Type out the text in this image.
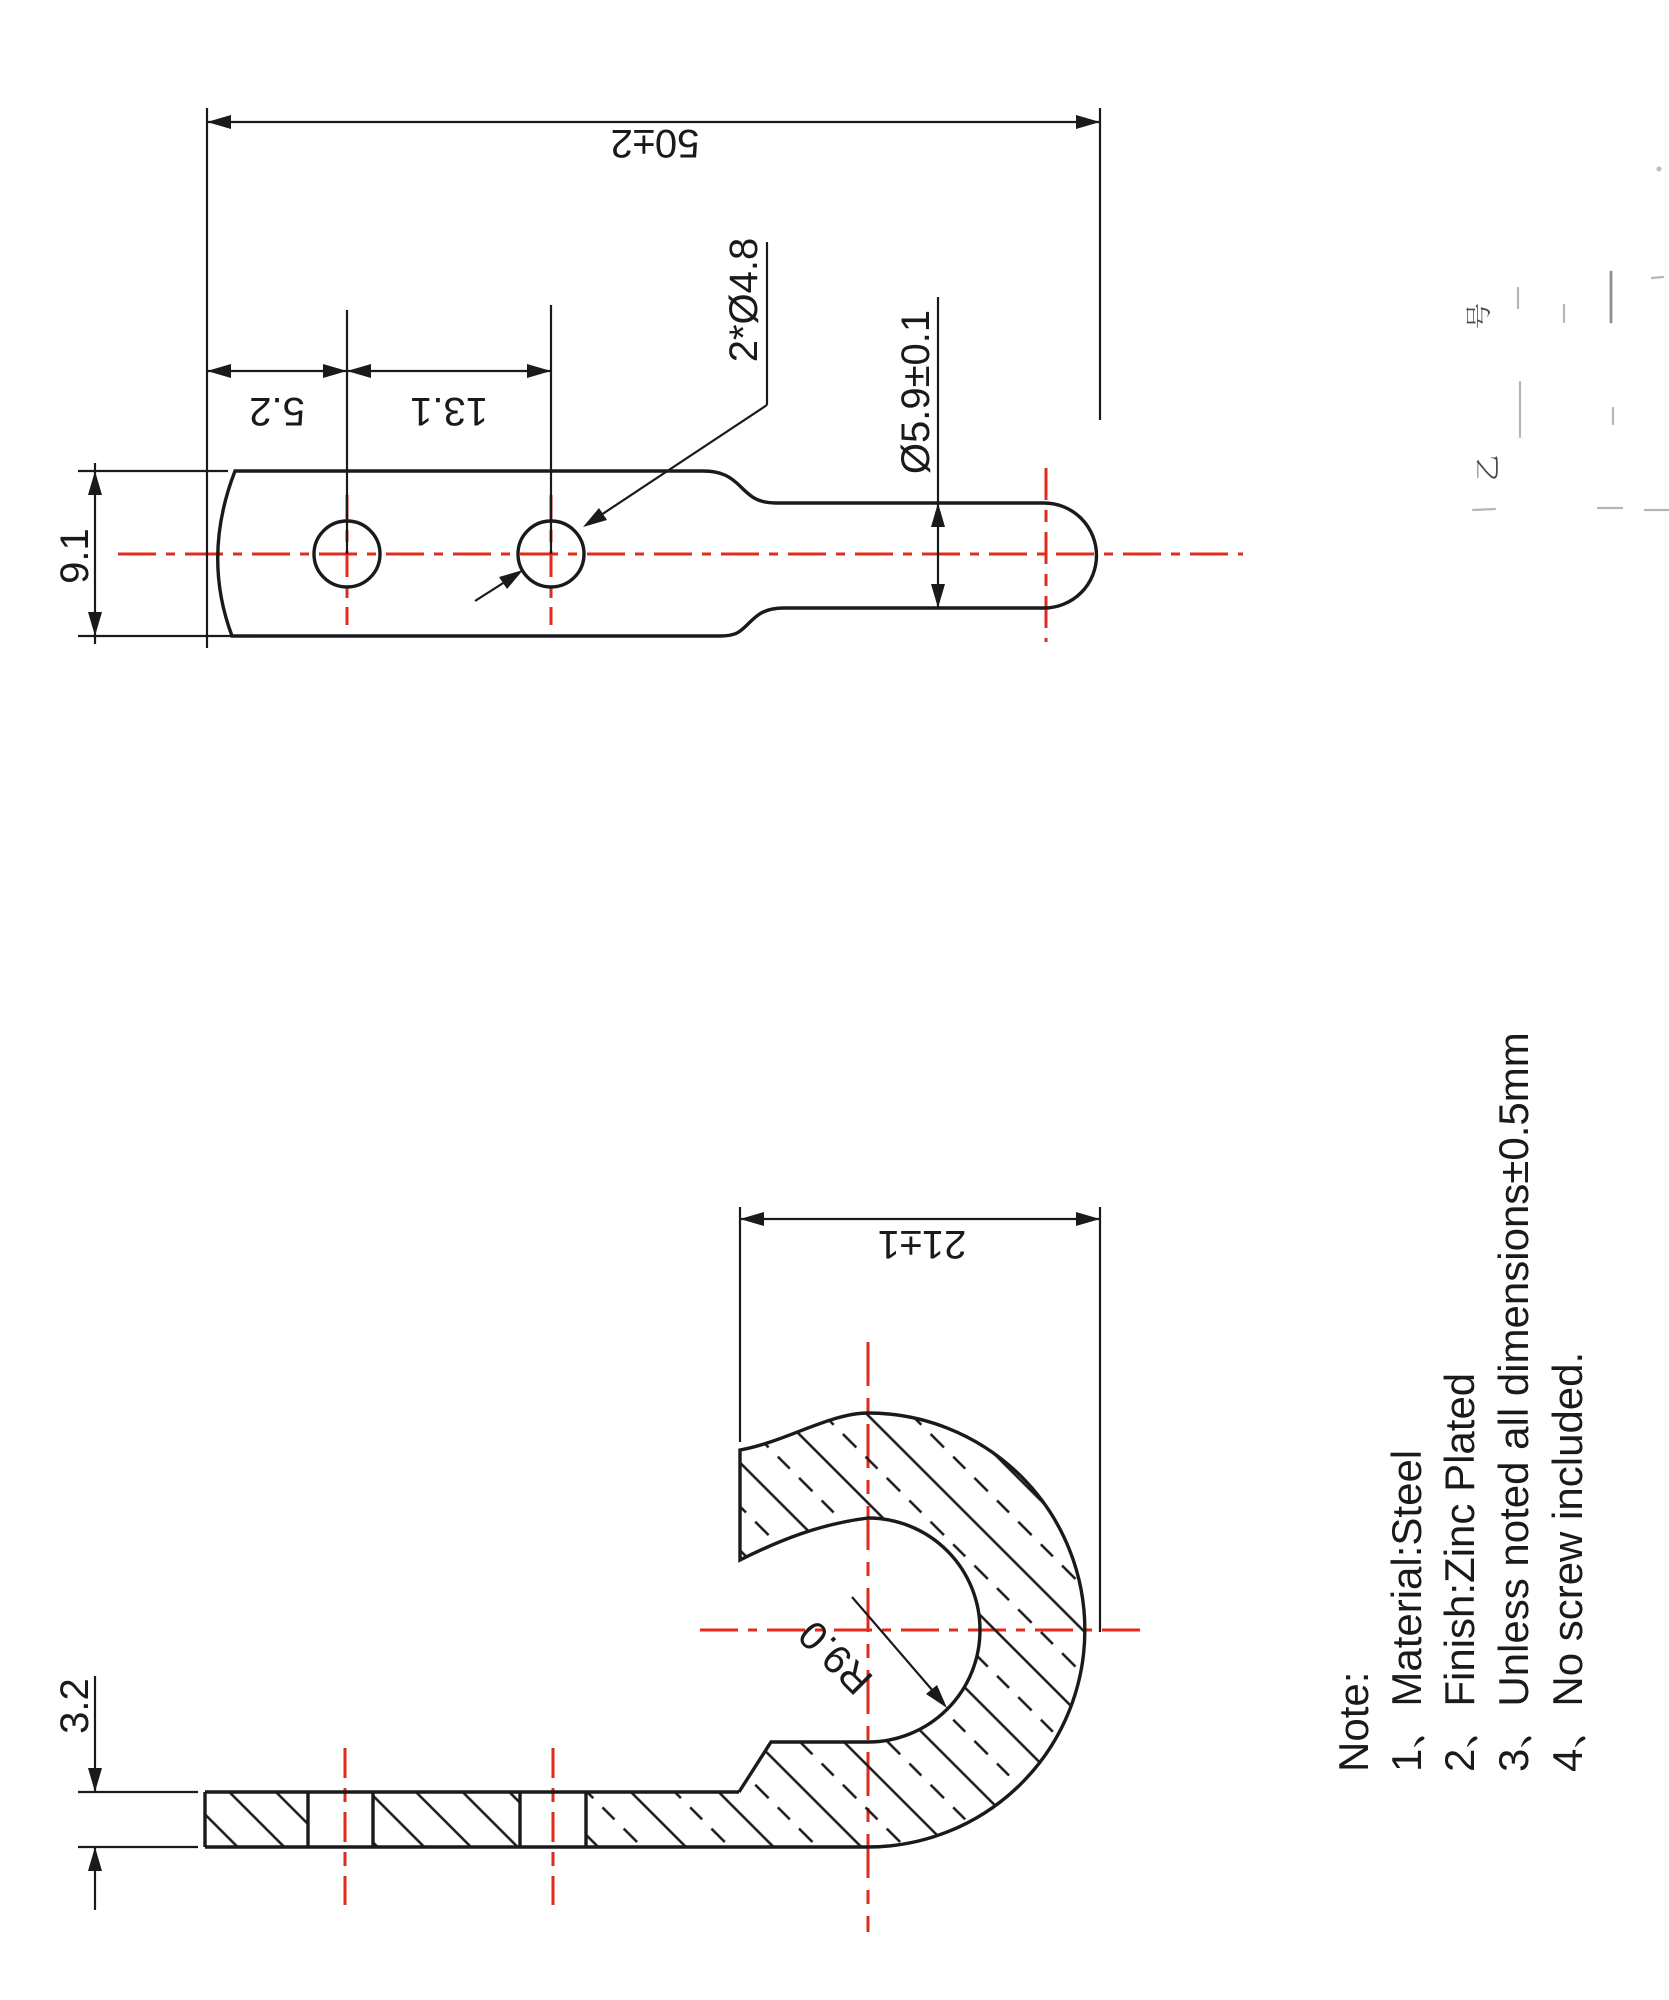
50±2
5.2	13.1
9.1
2*Ø4.8
Ø5.9±0.1
21±1
3.2
R9.0
Note: 1、Material:Steel 2、Finish:Zinc Plated 3、Unless noted all dimensions±0.5mm 4、No screw included.
号
乙
